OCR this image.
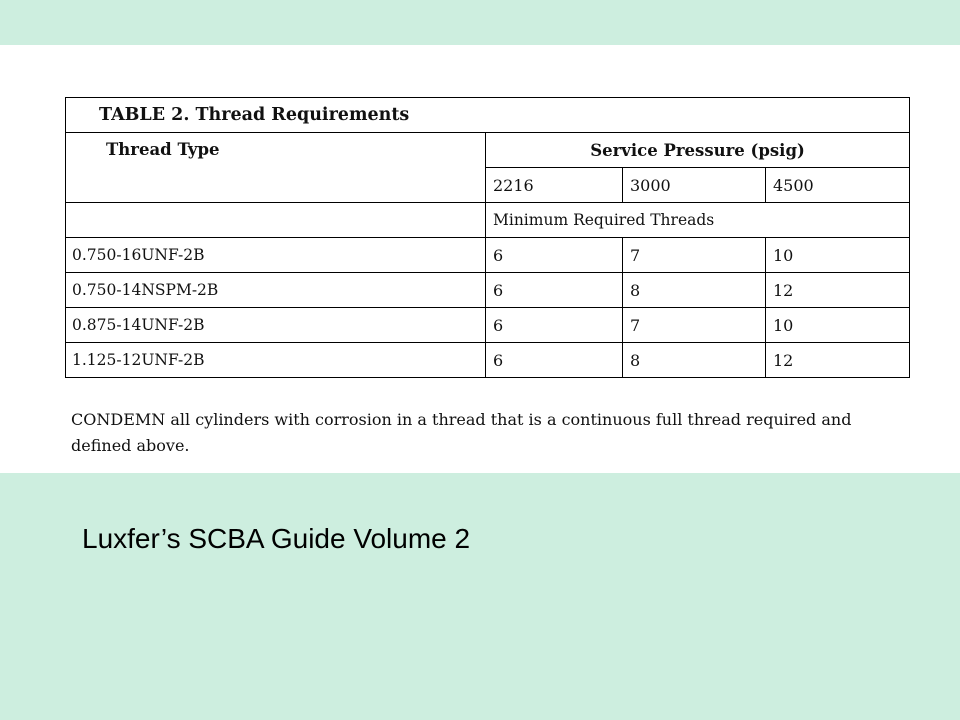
TABLE 2. Thread Requirements			
Thread Type	Service Pressure (psig)		
	2216	3000	4500
	Minimum Required Threads		
0.750-16UNF-2B	6	7	10
0.750-14NSPM-2B	6	8	12
0.875-14UNF-2B	6	7	10
1.125-12UNF-2B	6	8	12

CONDEMN all cylinders with corrosion in a thread that is a continuous full thread required and defined above.

Luxfer’s SCBA Guide Volume 2
